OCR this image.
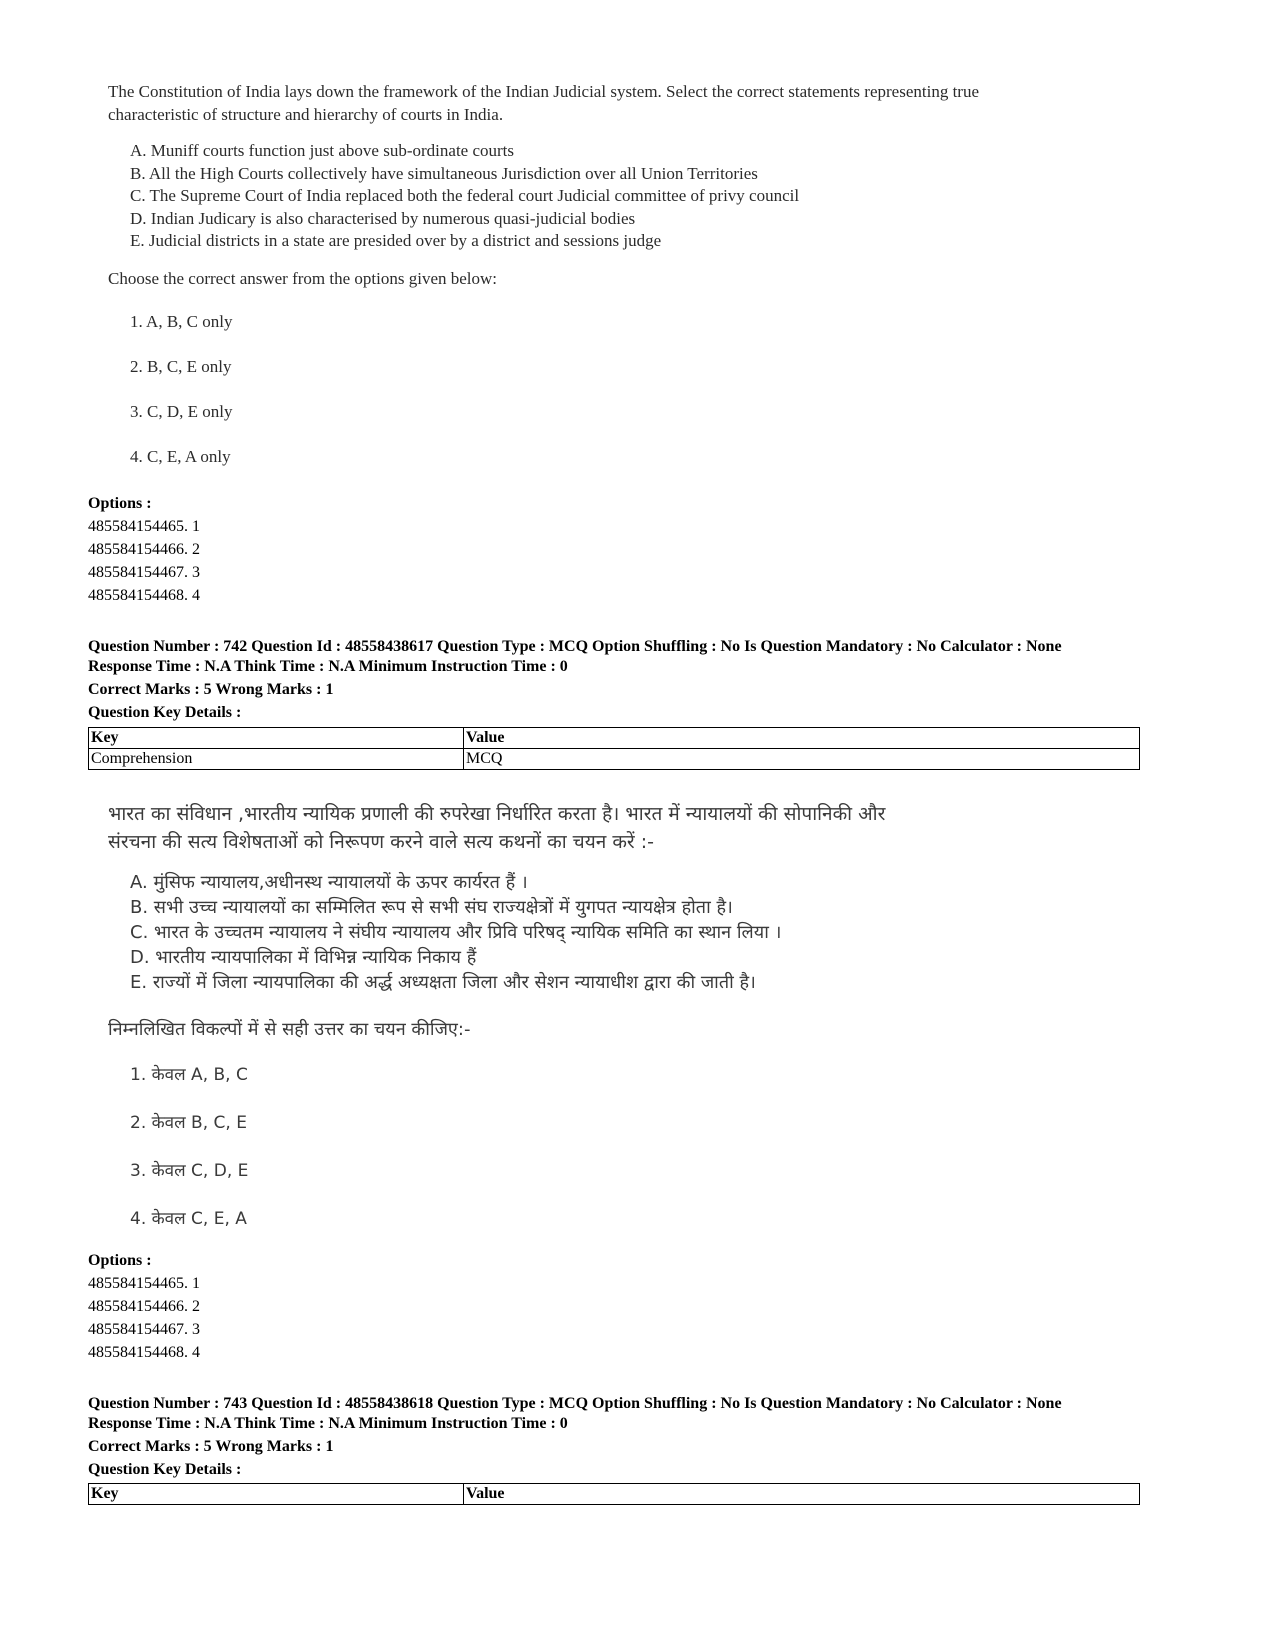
The Constitution of India lays down the framework of the Indian Judicial system. Select the correct statements representing true characteristic of structure and hierarchy of courts in India.
A. Muniff courts function just above sub-ordinate courts
B. All the High Courts collectively have simultaneous Jurisdiction over all Union Territories
C. The Supreme Court of India replaced both the federal court Judicial committee of privy council
D. Indian Judicary is also characterised by numerous quasi-judicial bodies
E. Judicial districts in a state are presided over by a district and sessions judge
Choose the correct answer from the options given below:
1. A, B, C only
2. B, C, E only
3. C, D, E only
4. C, E, A only
Options :
485584154465. 1
485584154466. 2
485584154467. 3
485584154468. 4
Question Number : 742 Question Id : 48558438617 Question Type : MCQ Option Shuffling : No Is Question Mandatory : No Calculator : None
Response Time : N.A Think Time : N.A Minimum Instruction Time : 0
Correct Marks : 5 Wrong Marks : 1
Question Key Details :
Key	Value
Comprehension	MCQ
भारत का संविधान ,भारतीय न्यायिक प्रणाली की रुपरेखा निर्धारित करता है। भारत में न्यायालयों की सोपानिकी और
संरचना की सत्य विशेषताओं को निरूपण करने वाले सत्य कथनों का चयन करें :-
A. मुंसिफ न्यायालय,अधीनस्थ न्यायालयों के ऊपर कार्यरत हैं ।
B. सभी उच्च न्यायालयों का सम्मिलित रूप से सभी संघ राज्यक्षेत्रों में युगपत न्यायक्षेत्र होता है।
C. भारत के उच्चतम न्यायालय ने संघीय न्यायालय और प्रिवि परिषद् न्यायिक समिति का स्थान लिया ।
D. भारतीय न्यायपालिका में विभिन्न न्यायिक निकाय हैं
E. राज्यों में जिला न्यायपालिका की अर्द्ध अध्यक्षता जिला और सेशन न्यायाधीश द्वारा की जाती है।
निम्नलिखित विकल्पों में से सही उत्तर का चयन कीजिए:-
1. केवल A, B, C
2. केवल B, C, E
3. केवल C, D, E
4. केवल C, E, A
Options :
485584154465. 1
485584154466. 2
485584154467. 3
485584154468. 4
Question Number : 743 Question Id : 48558438618 Question Type : MCQ Option Shuffling : No Is Question Mandatory : No Calculator : None
Response Time : N.A Think Time : N.A Minimum Instruction Time : 0
Correct Marks : 5 Wrong Marks : 1
Question Key Details :
Key	Value
